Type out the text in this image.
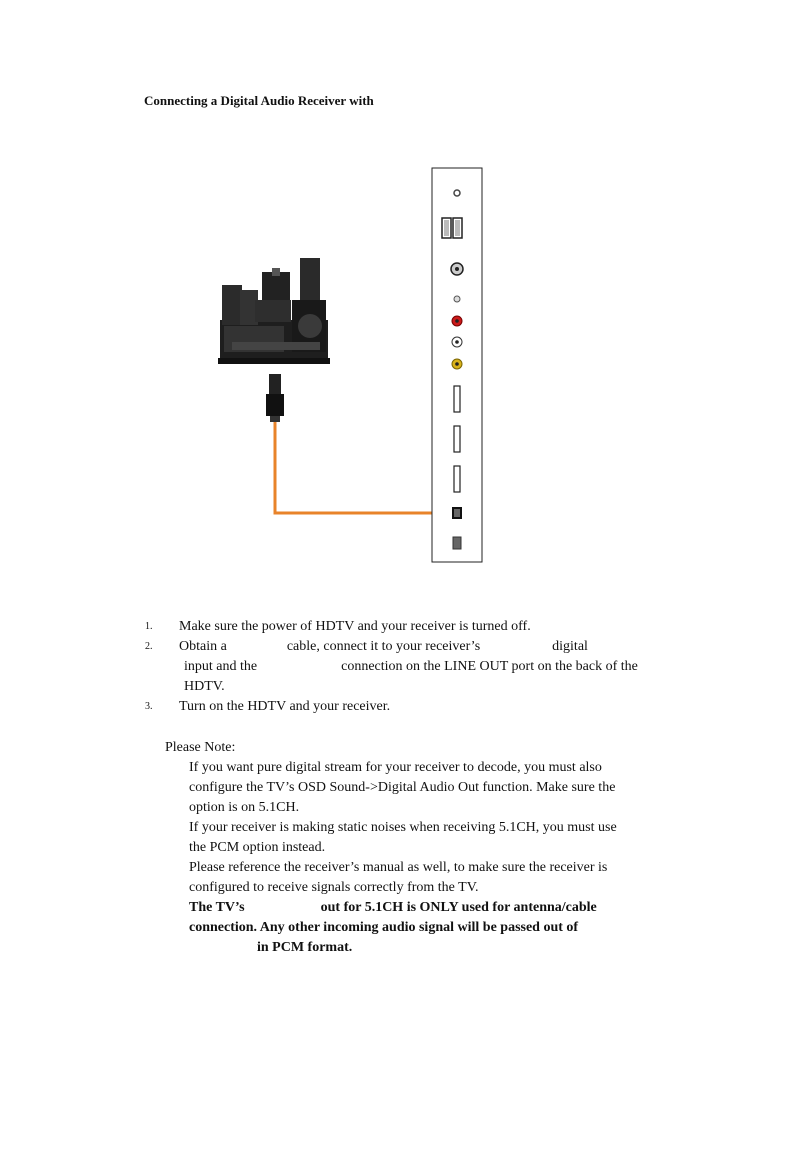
Connecting a Digital Audio Receiver with
1. Make sure the power of HDTV and your receiver is turned off.
2. Obtain a	cable, connect it to your receiver’s	digital
input and the	connection on the LINE OUT port on the back of the
HDTV.
3. Turn on the HDTV and your receiver.
Please Note:
If you want pure digital stream for your receiver to decode, you must also
configure the TV’s OSD Sound->Digital Audio Out function. Make sure the
option is on 5.1CH.
If your receiver is making static noises when receiving 5.1CH, you must use
the PCM option instead.
Please reference the receiver’s manual as well, to make sure the receiver is
configured to receive signals correctly from the TV.
The TV’s	out for 5.1CH is ONLY used for antenna/cable
connection. Any other incoming audio signal will be passed out of
in PCM format.
